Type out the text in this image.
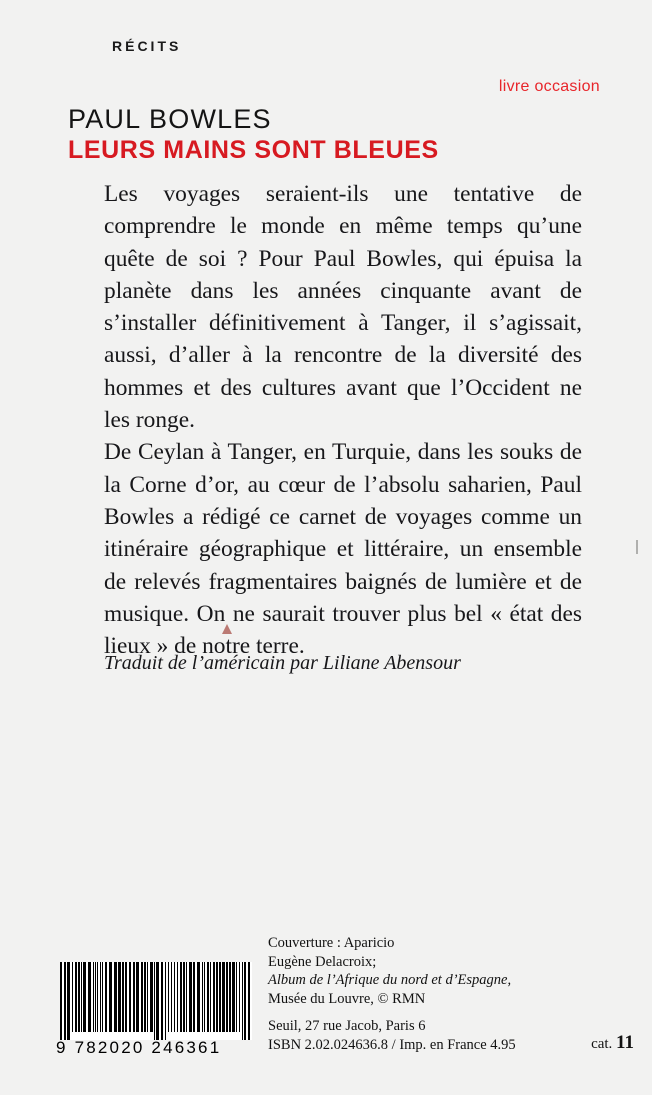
RÉCITS
livre occasion
PAUL BOWLES
LEURS MAINS SONT BLEUES

Les voyages seraient-ils une tentative de comprendre le monde en même temps qu’une quête de soi ? Pour Paul Bowles, qui épuisa la planète dans les années cinquante avant de s’installer définitivement à Tanger, il s’agissait, aussi, d’aller à la rencontre de la diversité des hommes et des cultures avant que l’Occident ne les ronge.

De Ceylan à Tanger, en Turquie, dans les souks de la Corne d’or, au cœur de l’absolu saharien, Paul Bowles a rédigé ce carnet de voyages comme un itinéraire géographique et littéraire, un ensemble de relevés fragmentaires baignés de lumière et de musique. On ne saurait trouver plus bel « état des lieux » de notre terre.

Traduit de l’américain par Liliane Abensour
Couverture : Aparicio
Eugène Delacroix;
Album de l’Afrique du nord et d’Espagne,
Musée du Louvre, © RMN
Seuil, 27 rue Jacob, Paris 6
ISBN 2.02.024636.8 / Imp. en France 4.95	cat. 11
9 782020 246361
